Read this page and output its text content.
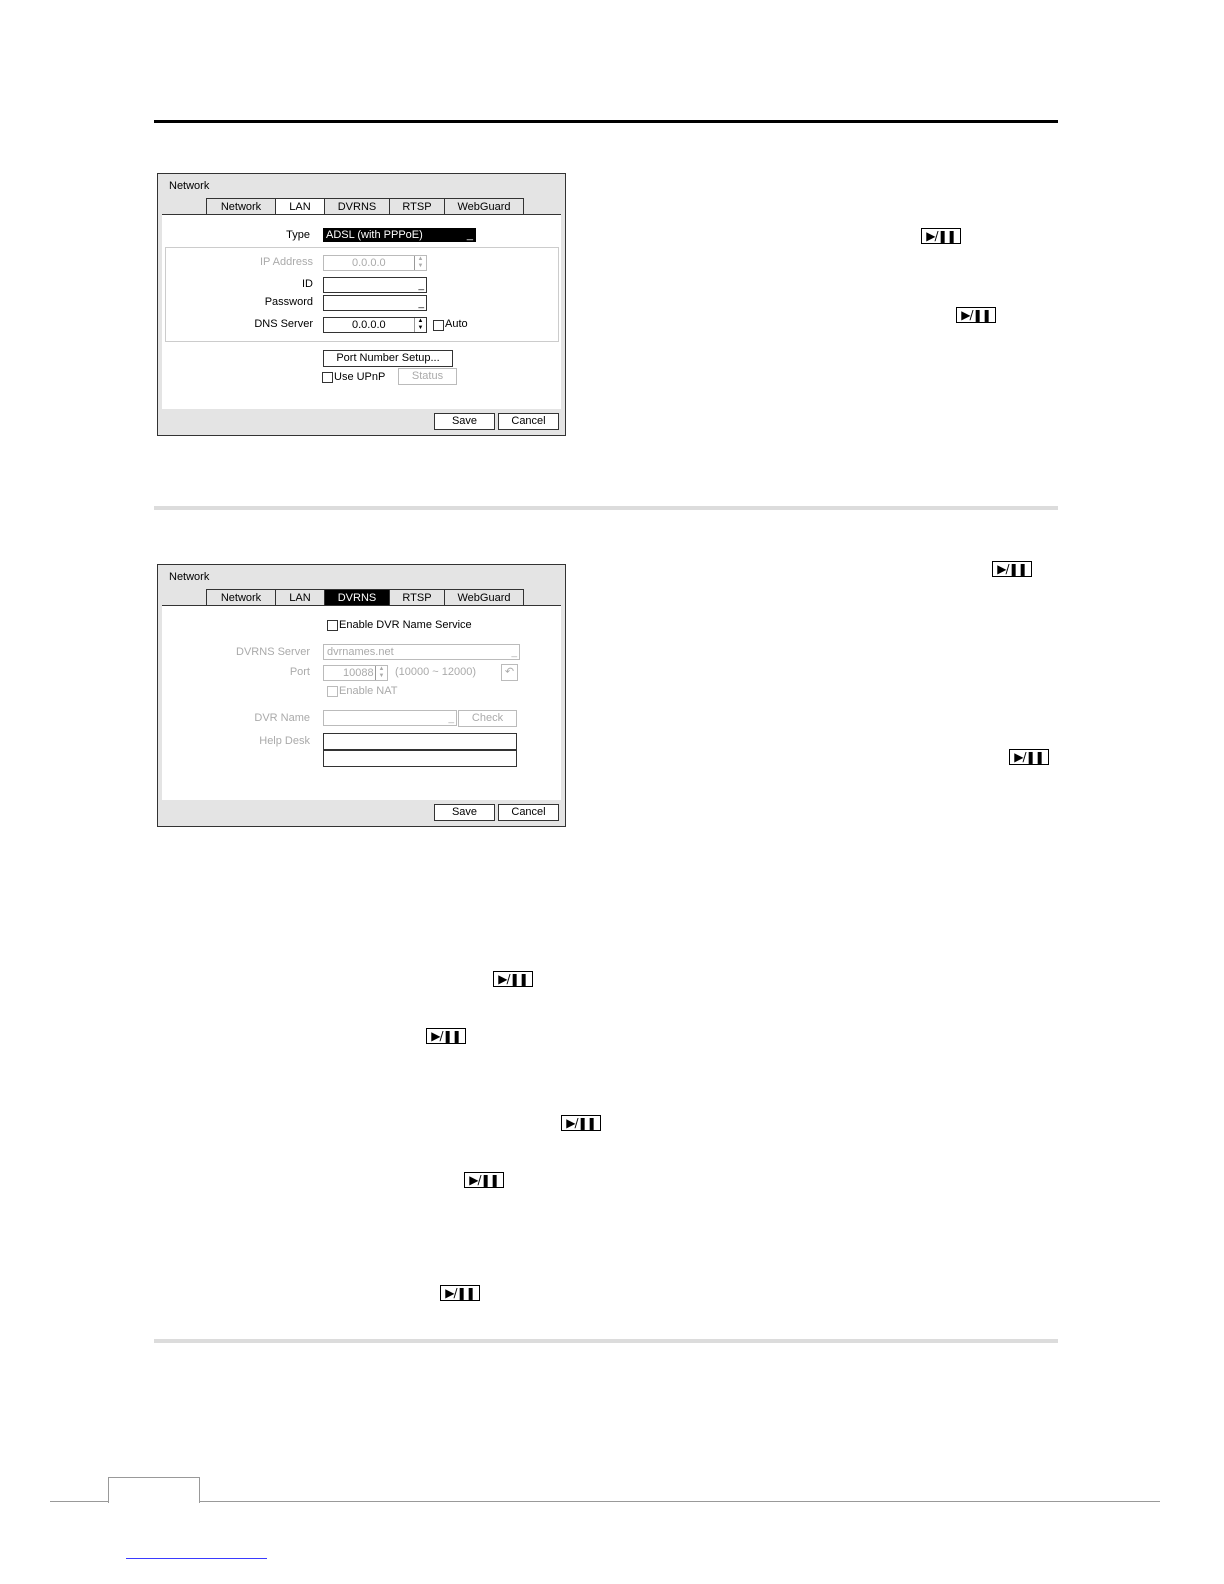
Network
Network	LAN	DVRNS	RTSP	WebGuard
Type ADSL (with PPPoE)	_
IP Address	0.0.0.0	▲
▼
ID	_
Password	_
DNS Server	0.0.0.0	▲
▼ Auto
Port Number Setup...
Use UPnP	Status
Save	Cancel
Network
Network	LAN	DVRNS	RTSP	WebGuard
Enable DVR Name Service
DVRNS Server	dvrnames.net	_
Port	10088 ▲
▼ (10000 ~ 12000)	↶
Enable NAT
DVR Name	_	Check
Help Desk
Save	Cancel
▶/❚❚
▶/❚❚
▶/❚❚
▶/❚❚
▶/❚❚
▶/❚❚
▶/❚❚
▶/❚❚
▶/❚❚
